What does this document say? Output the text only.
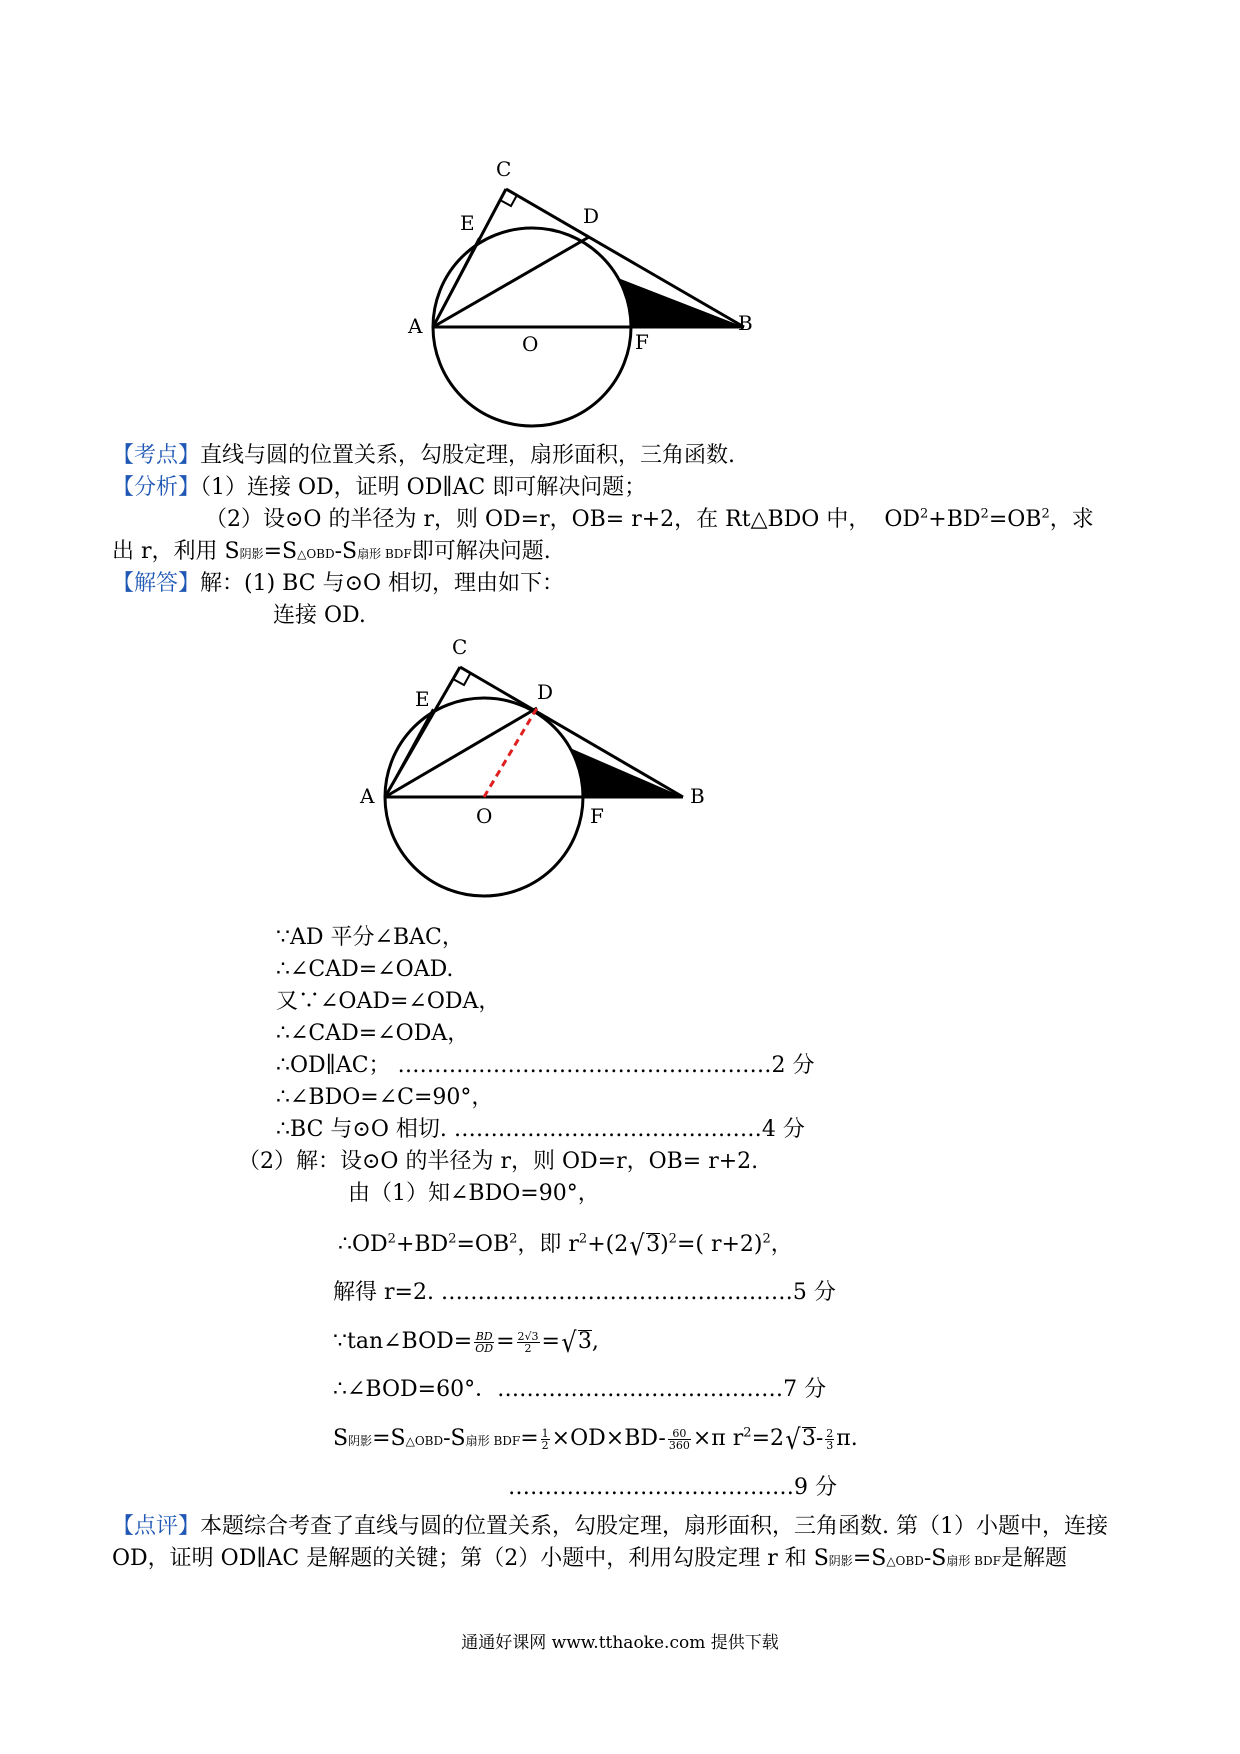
C
E	D
A
O	F
B
【考点】直线与圆的位置关系，勾股定理，扇形面积，三角函数.
【分析】（1）连接 OD，证明 OD∥AC 即可解决问题；
（2）设⊙O 的半径为 r，则 OD=r，OB= r+2，在 Rt△BDO 中， $OD^2+BD^2=OB^2$，求
出 r，利用 S阴影=S△OBD-S扇形 BDF即可解决问题.
【解答】解：(1) BC 与⊙O 相切，理由如下：
连接 OD.
C
E	D
A
O	F
B
∵AD 平分∠BAC，
∴∠CAD=∠OAD.
又∵∠OAD=∠ODA，
∴∠CAD=∠ODA，
∴OD∥AC； ……………………………………………2 分
∴∠BDO=∠C=90°，
∴BC 与⊙O 相切. ……………………………………4 分
（2）解：设⊙O 的半径为 r，则 OD=r，OB= r+2.
由（1）知∠BDO=90°，
$\therefore OD^2+BD^2=OB^2$，即 $r^2+(2√3)^2=$( r+2)$^2$，
解得 r=2. …………………………………………5 分
∵tan∠BOD= $\frac{BD}{OD} = \frac{2√3}{2} =√3$,
∴∠BOD=60°．…………………………………7 分
S阴影=S△OBD-S扇形 $BDF= \frac{1}{2} \times OD\times BD- \frac{60}{360} \times\pi$ $r^2=2√3- \frac{2}{3} \pi$.
…………………………………9 分
【点评】本题综合考查了直线与圆的位置关系，勾股定理，扇形面积，三角函数. 第（1）小题中，连接
OD，证明 OD∥AC 是解题的关键；第（2）小题中，利用勾股定理 r 和 S阴影=S△OBD-S扇形 BDF是解题
通通好课网 www.tthaoke.com 提供下载
